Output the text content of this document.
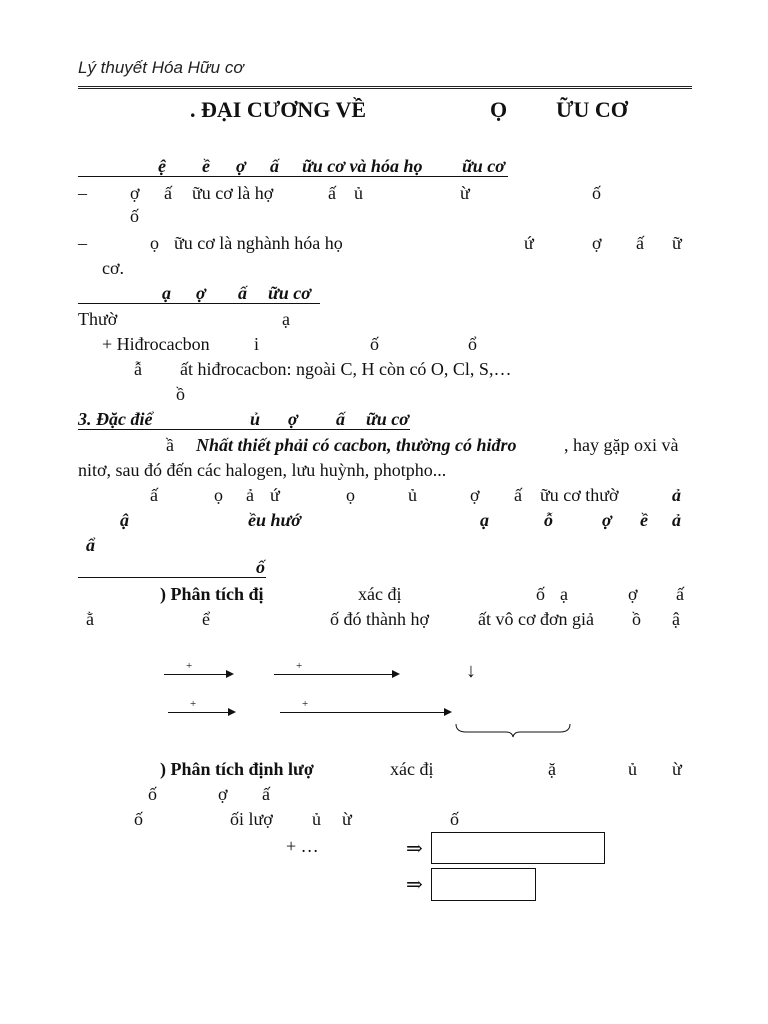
Lý thuyết Hóa Hữu cơ
. ĐẠI CƯƠNG VỀ	Ọ ỮU CƠ
ệ ề ợ ấ ữu cơ và hóa họ ữu cơ
– ợ ấ ữu cơ là hợ	ấ ủ	ừ	ố
ố
–	ọ ữu cơ là nghành hóa họ	ứ	ợ ấ ữ
cơ.
ạ ợ ấ ữu cơ
Thườ	ạ
+ Hiđrocacbon i	ố	ổ
ẫ ất hiđrocacbon: ngoài C, H còn có O, Cl, S,…
ồ
3. Đặc điể	ủ ợ ấ ữu cơ
ầ Nhất thiết phải có cacbon, thường có hiđro	, hay gặp oxi và
nitơ, sau đó đến các halogen, lưu huỳnh, photpho...
ấ	ọ ả ứ	ọ	ủ	ợ ấ ữu cơ thườ	ả
ậ	ều hướ	ạ	ỗ	ợ ề ả
ẩ
ố
) Phân tích đị	xác đị	ố ạ	ợ ấ
ằ	ể	ố đó thành hợ	ất vô cơ đơn giả ồ ậ
+	+	↓
+	+
) Phân tích định lượ	xác đị	ặ	ủ ừ
ố	ợ ấ
ố	ối lượ ủ ừ	ố
+ …	⇒
⇒
